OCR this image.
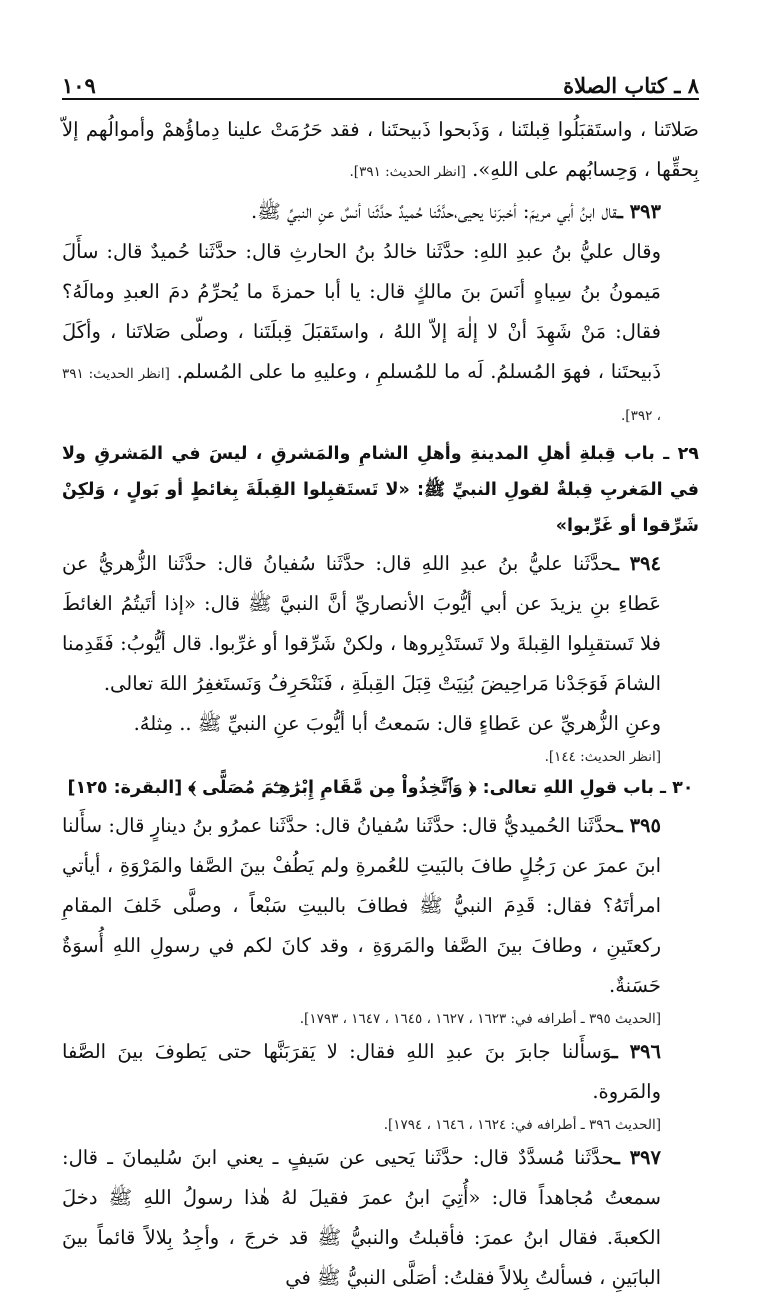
٨ ـ كتاب الصلاة
١٠٩

صَلاتَنا ، واستَقبَلُوا قِبلتَنا ، وَذَبحوا ذَبيحتَنا ، فقد حَرُمَتْ علينا دِماؤُهمْ وأموالُهم إلاّ بِحقِّها ، وَحِسابُهم على اللهِ». [انظر الحديث: ٣٩١].

٣٩٣ ـقال ابنُ أبي مريمَ: أخبرَنا يحيى،حدَّثَنا حُميدٌ حدَّثَنا أنسٌ عنِ النبيِّ ﷺ.

وقال عليُّ بنُ عبدِ اللهِ: حدَّثَنا خالدُ بنُ الحارثِ قال: حدَّثَنا حُميدٌ قال: سأَلَ مَيمونُ بنُ سِياهٍ أنَسَ بنَ مالكٍ قال: يا أبا حمزةَ ما يُحرِّمُ دمَ العبدِ ومالَهُ؟ فقال: مَنْ شَهِدَ أنْ لا إلٰهَ إلاّ اللهُ ، واستَقبَلَ قِبلَتَنا ، وصلّى صَلاتَنا ، وأكَلَ ذَبيحتَنا ، فهوَ المُسلمُ. لَه ما للمُسلمِ ، وعليهِ ما على المُسلم. [انظر الحديث: ٣٩١ ، ٣٩٢].

٢٩ ـ باب قِبلةِ أهلِ المدينةِ وأهلِ الشامِ والمَشرقِ ، ليسَ في المَشرقِ ولا في المَغربِ قِبلةٌ لقولِ النبيِّ ﷺ: «لا تَستَقبِلوا القِبلَةَ بِغائطٍ أو بَولٍ ، وَلكِنْ شَرِّقوا أو غَرِّبوا»

٣٩٤ ـحدَّثَنا عليُّ بنُ عبدِ اللهِ قال: حدَّثَنا سُفيانُ قال: حدَّثَنا الزُّهريُّ عن عَطاءِ بنِ يزيدَ عن أبي أيُّوبَ الأنصاريِّ أنَّ النبيَّ ﷺ قال: «إذا أتَيتُمُ الغائطَ فلا تَستقبِلوا القِبلةَ ولا تَستَدْبِروها ، ولكنْ شَرِّقوا أو غرِّبوا. قال أيُّوبُ: فَقَدِمنا الشامَ فَوَجَدْنا مَراحِيضَ بُنِيَتْ قِبَلَ القِبلَةِ ، فَنَنْحَرِفُ وَنَستَغفِرُ اللهَ تعالى.

وعنِ الزُّهريِّ عن عَطاءٍ قال: سَمعتُ أبا أيُّوبَ عنِ النبيِّ ﷺ .. مِثلهُ.

[انظر الحديث: ١٤٤].

٣٠ ـ باب قولِ اللهِ تعالى: ﴿ وَٱتَّخِذُواْ مِن مَّقَامِ إِبْرَٰهِـۧمَ مُصَلًّى ﴾ [البقرة: ١٢٥]

٣٩٥ ـحدَّثَنا الحُميديُّ قال: حدَّثَنا سُفيانُ قال: حدَّثَنا عمرُو بنُ دينارٍ قال: سأَلنا ابنَ عمرَ عن رَجُلٍ طافَ بالبَيتِ للعُمرةِ ولم يَطُفْ بينَ الصَّفا والمَرْوَةِ ، أيأتي امرأتَهُ؟ فقال: قَدِمَ النبيُّ ﷺ فطافَ بالبيتِ سَبْعاً ، وصلَّى خَلفَ المقامِ ركعتَينِ ، وطافَ بينَ الصَّفا والمَروَةِ ، وقد كانَ لكم في رسولِ اللهِ أُسوَةٌ حَسَنةٌ.

[الحديث ٣٩٥ ـ أطرافه في: ١٦٢٣ ، ١٦٢٧ ، ١٦٤٥ ، ١٦٤٧ ، ١٧٩٣].

٣٩٦ ـوَسأَلنا جابرَ بنَ عبدِ اللهِ فقال: لا يَقرَبَنَّها حتى يَطوفَ بينَ الصَّفا والمَروة.

[الحديث ٣٩٦ ـ أطرافه في: ١٦٢٤ ، ١٦٤٦ ، ١٧٩٤].

٣٩٧ ـحدَّثَنا مُسدَّدٌ قال: حدَّثَنا يَحيى عن سَيفٍ ـ يعني ابنَ سُليمانَ ـ قال: سمعتُ مُجاهداً قال: «أُتِيَ ابنُ عمرَ فقيلَ لهُ هٰذا رسولُ اللهِ ﷺ دخلَ الكعبةَ. فقال ابنُ عمرَ: فأقبلتُ والنبيُّ ﷺ قد خرجَ ، وأجِدُ بِلالاً قائماً بينَ البابَينِ ، فسألتُ بِلالاً فقلتُ: أصَلَّى النبيُّ ﷺ في
